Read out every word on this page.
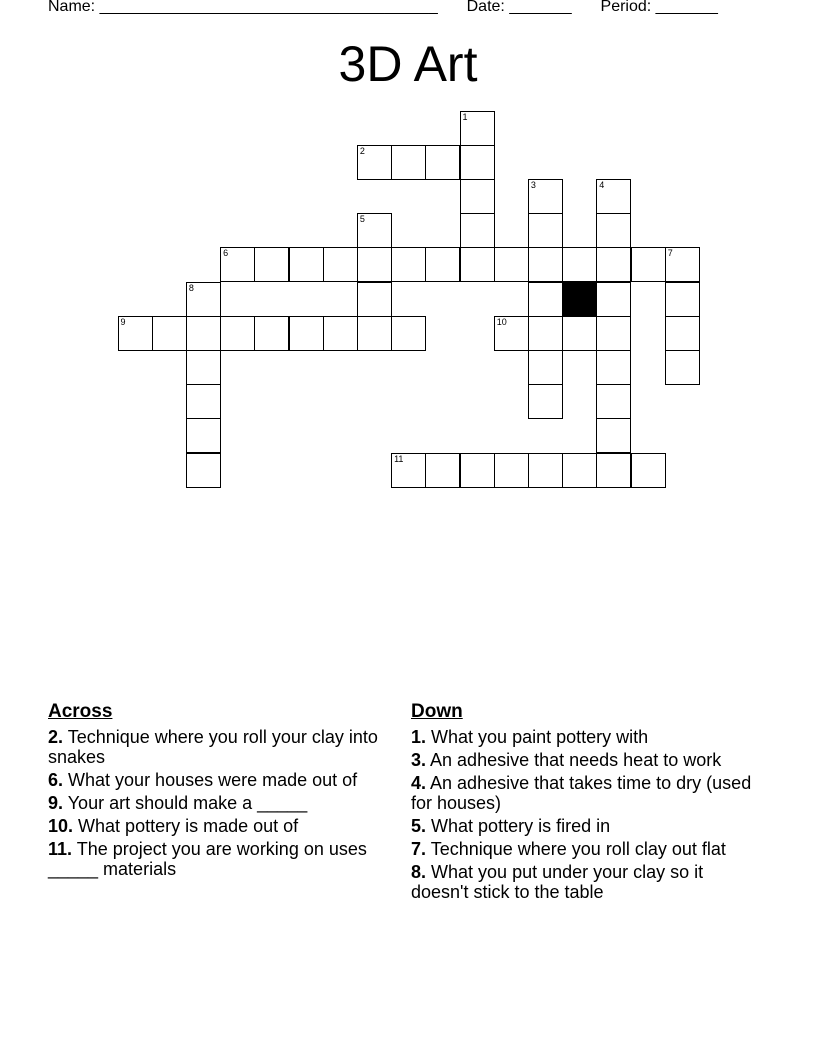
Name: ______________________________________ Date: _______ Period: _______
3D Art
2
6	7
9	10
11
1
3	4
5
8
Across
2. Technique where you roll your clay into snakes
6. What your houses were made out of
9. Your art should make a _____
10. What pottery is made out of
11. The project you are working on uses _____ materials
Down
1. What you paint pottery with
3. An adhesive that needs heat to work
4. An adhesive that takes time to dry (used for houses)
5. What pottery is fired in
7. Technique where you roll clay out flat
8. What you put under your clay so it doesn't stick to the table
